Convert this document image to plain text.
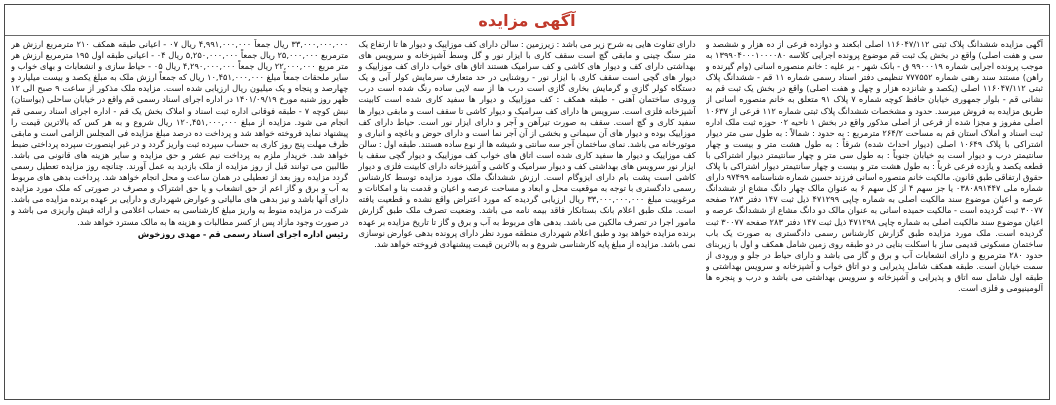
آگهی مزایده
آگهی مزایده ششدانگ پلاک ثبتی ۱۱۶۰۴۷/۱۱۲ اصلی ابکعند و دوازده فرعی از ده هزار و ششصد و سی و هفت اصلی) واقع در بخش یک ثبت قم موضوع پرونده اجرایی کلاسه ۱۳۹۹۰۴۰۰۰۱۰۰۰۰۸۰ به موجب پرونده اجرایی شماره ۹۹۰۰۰۱۹ ق - بانک شهر - بر علیه : خانم منصوره اسانی (وام گیرنده و راهن) مستند سند رهنی شماره ۷۷۷۵۵۲ تنظیمی دفتر اسناد رسمی شماره ۱۱ قم - ششدانگ پلاک ثبتی ۱۱۶۰۴۷/۱۱۲ اصلی (یکصد و شانزده هزار و چهل و هفت اصلی) واقع در بخش یک ثبت قم به نشانی قم - بلوار جمهوری خیابان حافظ کوچه شماره ۷ پلاک ۹۱ متعلق به خانم منصوره اسانی از طریق مزایده به فروش میرسد. حدود و مشخصات ششدانگ پلاک ثبتی شماره ۱۱۲ فرعی از ۱۰۶۳۷ اصلی مفروز و مجزا شده از فرعی از اصلی مذکور واقع در بخش ۱ ناحیه ۰۲ حوزه ثبت ملک اداره ثبت اسناد و املاک استان قم به مساحت ۲۶۴/۲ مترمربع : به حدود : شمالاً : به طول سی متر دیوار اشتراکی با پلاک ۱۰۶۴۹ اصلی (دیوار احداث شده) شرقاً : به طول هشت متر و بیست و چهار سانتیمتر درب و دیوار است به خیابان جنوباً : به طول سی متر و چهار سانتیمتر دیوار اشتراکی با قطعه یکصد و یازده فرعی غرباً : به طول هشت متر و بیست و چهار سانتیمتر دیوار اشتراکی با پلاک حقوق ارتفاقی طبق قانون. مالکیت خانم منصوره اسانی فرزند حسین شماره شناسنامه ۹۷۴۹۹ دارای شماره ملی ۰۳۸۰۸۹۱۴۴۷ یا جز سهم ۴ از کل سهم ۶ به عنوان مالک چهار دانگ مشاع از ششدانگ عرصه و اعیان موضوع سند مالکیت اصلی به شماره چاپی ۴۷۱۲۹۹ ذیل ثبت ۱۴۷ دفتر ۲۸۳ صفحه ۳۰۰۷۷ ثبت گردیده است - مالکیت حمیده اسانی به عنوان مالک دو دانگ مشاع از ششدانگ عرصه و اعیان موضوع سند مالکیت اصلی به شماره چاپی ۴۷۱۲۹۸ ذیل ثبت ۱۴۷ دفتر ۲۸۳ صفحه ۳۰۰۷۷ ثبت گردیده است. ملک مورد مزایده طبق گزارش کارشناس رسمی دادگستری به صورت یک باب ساختمان مسکونی قدیمی ساز با اسکلت بنایی در دو طبقه روی زمین شامل همکف و اول با زیربنای حدود ۲۸۰ مترمربع و دارای انشعابات آب و برق و گاز می باشد و دارای حیاط در جلو و ورودی از سمت خیابان است. طبقه همکف شامل پذیرایی و دو اتاق خواب و آشپزخانه و سرویس بهداشتی و طبقه اول شامل سه اتاق و پذیرایی و آشپزخانه و سرویس بهداشتی می باشد و درب و پنجره ها آلومینیومی و فلزی است.
دارای تفاوت هایی به شرح زیر می باشد : زیرزمین : سالن دارای کف موزاییک و دیوار ها تا ارتفاع یک متر سنگ چینی و مابقی گچ است سقف کاری با ایزار نور و گل وسط آشپزخانه و سرویس های بهداشتی دارای کف و دیوار های کاشی و کف سرامیک هستند اتاق های خواب دارای کف موزاییک و دیوار های گچی است سقف کاری با ایزار نور - روشنایی در حد متعارف سرمایش کولر آبی و یک دستگاه کولر گازی و گرمایش بخاری گازی است درب ها از سه لایی ساده رنگ شده است درب ورودی ساختمان آهنی - طبقه همکف : کف موزاییک و دیوار ها سفید کاری شده است کابینت آشپزخانه فلزی است. سرویس ها دارای کف سرامیک و دیوار کاشی تا سقف است و مابقی دیوار ها سفید کاری و گچ است. سقف به صورت تیرآهن و آجر و دارای ایزار نور است. حیاط دارای کف موزاییک بوده و دیوار های آن سیمانی و بخشی از آن آجر نما است و دارای حوض و باغچه و انباری و موتورخانه می باشد. نمای ساختمان آجر سه سانتی و شیشه ها از نوع ساده هستند. طبقه اول : سالن کف موزاییک و دیوار ها سفید کاری شده است اتاق های خواب کف موزاییک و دیوار گچی سقف با ایزار نور سرویس های بهداشتی کف و دیوار سرامیک و کاشی و آشپزخانه دارای کابینت فلزی و دیوار کاشی است پشت بام دارای ایزوگام است. ارزش ششدانگ ملک مورد مزایده توسط کارشناس رسمی دادگستری با توجه به موقعیت محل و ابعاد و مساحت عرصه و اعیان و قدمت بنا و امکانات و مرغوبیت مبلغ ۳۳,۰۰۰,۰۰۰,۰۰۰ ریال ارزیابی گردیده که مورد اعتراض واقع نشده و قطعیت یافته است. ملک طبق اعلام بانک بستانکار فاقد بیمه نامه می باشد. وضعیت تصرف ملک طبق گزارش مامور اجرا در تصرف مالکین می باشد. بدهی های مربوط به آب و برق و گاز تا تاریخ مزایده بر عهده برنده مزایده خواهد بود و طبق اعلام شهرداری منطقه مورد نظر دارای پرونده بدهی عوارض نوسازی نمی باشد. مزایده از مبلغ پایه کارشناسی شروع و به بالاترین قیمت پیشنهادی فروخته خواهد شد.
۳۳,۰۰۰,۰۰۰,۰۰۰ ریال جمعاً ۴,۹۹۱,۰۰۰,۰۰۰ ریال ۰۷ - اعیانی طبقه همکف ۲۱۰ مترمربع ارزش هر مترمربع ۲۵,۰۰۰,۰۰۰ ریال جمعاً ۵,۲۵۰,۰۰۰,۰۰۰ ریال ۰۴ - اعیانی طبقه اول ۱۹۵ مترمربع ارزش هر متر مربع ۲۲,۰۰۰,۰۰۰ ریال جمعاً ۴,۲۹۰,۰۰۰,۰۰۰ ریال ۰۵ - حیاط سازی و انشعابات و بهای خواب و سایر ملحقات جمعاً مبلغ ۱۰,۴۵۱,۰۰۰,۰۰۰ ریال که جمعاً ارزش ملک به مبلغ یکصد و بیست میلیارد و چهارصد و پنجاه و یک میلیون ریال ارزیابی شده است. مزایده ملک مذکور از ساعت ۹ صبح الی ۱۲ ظهر روز شنبه مورخ ۱۴۰۱/۰۹/۱۹ در اداره اجرای اسناد رسمی قم واقع در خیابان ساحلی (بواستان) نبش کوچه ۷ - طبقه فوقانی اداره ثبت اسناد و املاک بخش یک قم - اداره اجرای اسناد رسمی قم انجام می شود. مزایده از مبلغ ۱۲۰,۴۵۱,۰۰۰,۰۰۰ ریال شروع و به هر کس که بالاترین قیمت را پیشنهاد نماید فروخته خواهد شد و پرداخت ده درصد مبلغ مزایده فی المجلس الزامی است و مابقی ظرف مهلت پنج روز کاری به حساب سپرده ثبت واریز گردد و در غیر اینصورت سپرده پرداختی ضبط خواهد شد. خریدار ملزم به پرداخت نیم عشر و حق مزایده و سایر هزینه های قانونی می باشد. طالبین می توانند قبل از روز مزایده از ملک بازدید به عمل آورند. چنانچه روز مزایده تعطیل رسمی گردد مزایده روز بعد از تعطیلی در همان ساعت و محل انجام خواهد شد. پرداخت بدهی های مربوط به آب و برق و گاز اعم از حق انشعاب و یا حق اشتراک و مصرف در صورتی که ملک مورد مزایده دارای آنها باشد و نیز بدهی های مالیاتی و عوارض شهرداری و دارایی بر عهده برنده مزایده می باشد. شرکت در مزایده منوط به واریز مبلغ کارشناسی به حساب اعلامی و ارائه فیش واریزی می باشد و در صورت وجود مازاد پس از کسر مطالبات و هزینه ها به مالک مسترد خواهد شد.
رئیس اداره اجرای اسناد رسمی قم - مهدی روزخوش
